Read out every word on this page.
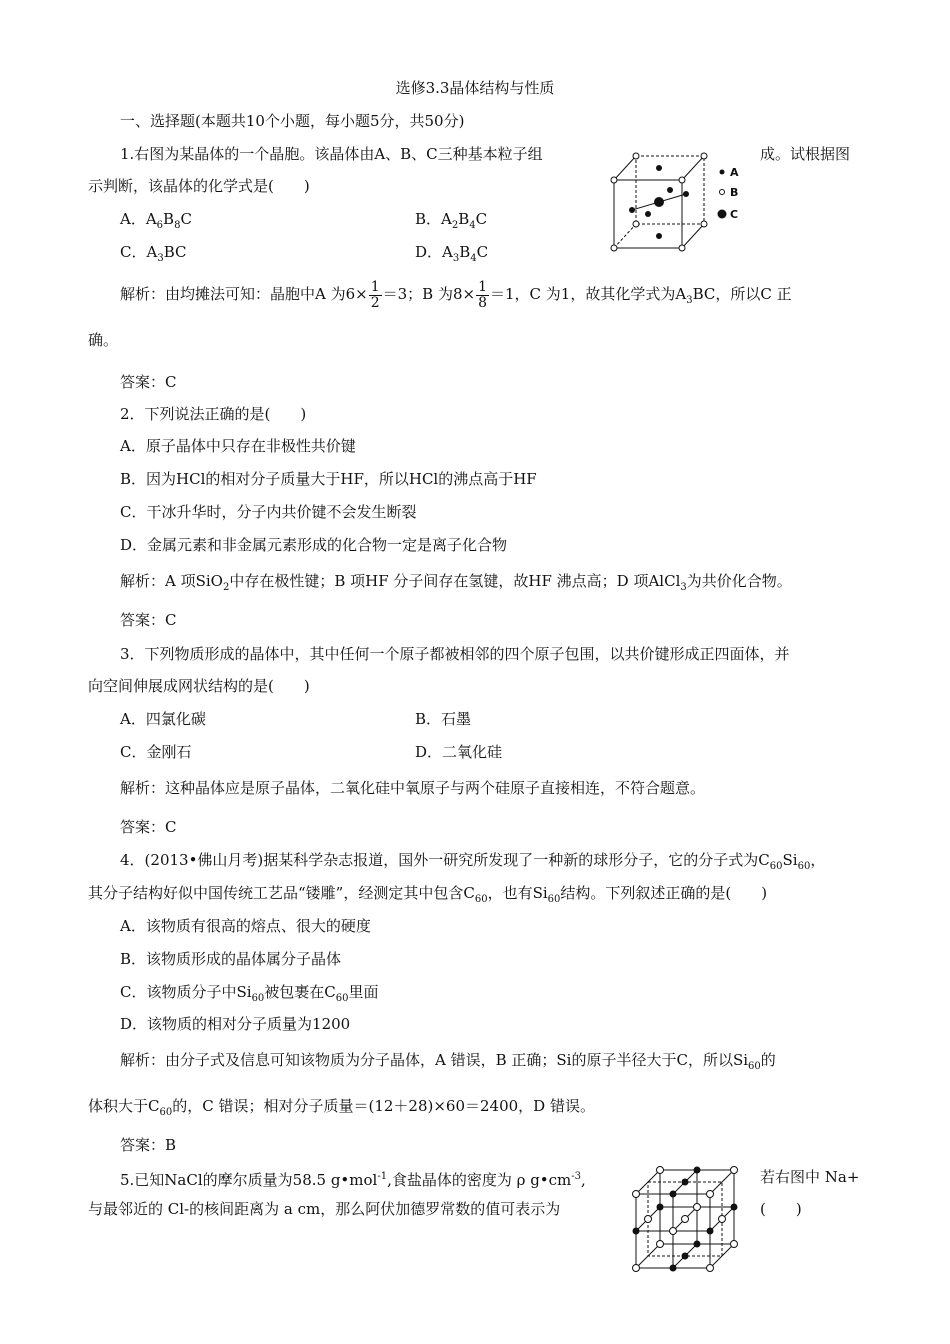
选修3.3晶体结构与性质
一、选择题(本题共10个小题，每小题5分，共50分)
1.右图为某晶体的一个晶胞。该晶体由A、B、C三种基本粒子组	成。试根据图
示判断，该晶体的化学式是(　　)
A
B
C
A．$A_6B_8C$	B．$A_2B_4C$
C．$A_3BC$	D．$A_3B_4C$
解析：由均摊法可知：晶胞中A 为$6\times \frac{1}{2} =3$；B 为$8\times \frac{1}{8} =1$，C 为1，故其化学式为$A_3BC$，所以C 正
确。
答案：C
2．下列说法正确的是(　　)
A．原子晶体中只存在非极性共价键
B．因为HCl的相对分子质量大于HF，所以HCl的沸点高于HF
C．干冰升华时，分子内共价键不会发生断裂
D．金属元素和非金属元素形成的化合物一定是离子化合物
解析：A 项SiO$_2$中存在极性键；B 项HF 分子间存在氢键，故HF 沸点高；D 项AlCl$_3$为共价化合物。
答案：C
3．下列物质形成的晶体中，其中任何一个原子都被相邻的四个原子包围，以共价键形成正四面体，并
向空间伸展成网状结构的是(　　)
A．四氯化碳	B．石墨
C．金刚石	D．二氧化硅
解析：这种晶体应是原子晶体，二氧化硅中氧原子与两个硅原子直接相连，不符合题意。
答案：C
4．(2013•佛山月考)据某科学杂志报道，国外一研究所发现了一种新的球形分子，它的分子式为$C_{60}Si_{60}$，
其分子结构好似中国传统工艺品“镂雕”，经测定其中包含$C_{60}$，也有$Si_{60}$结构。下列叙述正确的是(　　)
A．该物质有很高的熔点、很大的硬度
B．该物质形成的晶体属分子晶体
C．该物质分子中$Si_{60}$被包裹在$C_{60}$里面
D．该物质的相对分子质量为1200
解析：由分子式及信息可知该物质为分子晶体，A 错误，B 正确；Si的原子半径大于C，所以$Si_{60}$的
体积大于$C_{60}$的，C 错误；相对分子质量＝(12＋28)×60＝2400，D 错误。
答案：B
5.已知NaCl的摩尔质量为58.5 g•mol$^{-1}$,食盐晶体的密度为 ρ $g•cm^{-3}$,	若右图中 Na+
与最邻近的 Cl-的核间距离为 a cm，那么阿伏加德罗常数的值可表示为	(　　)
